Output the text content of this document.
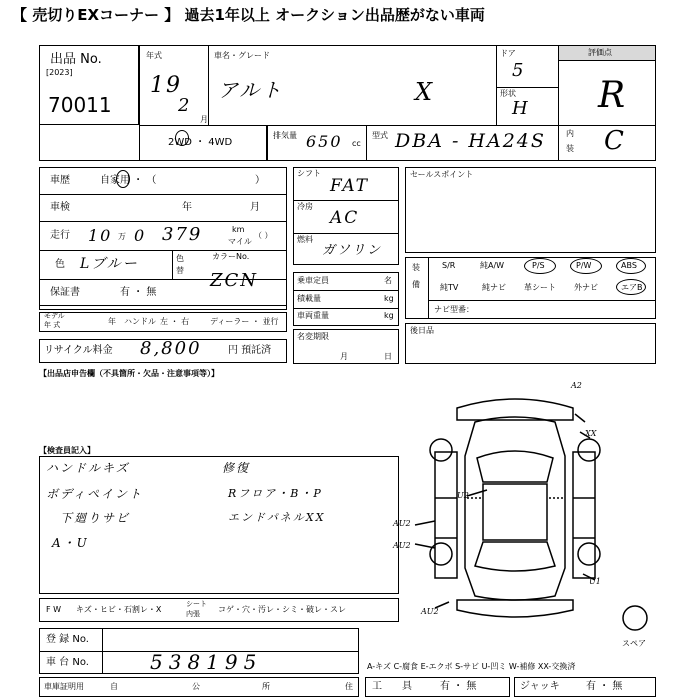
【 売切りEXコーナー 】 過去1年以上 オークション出品歴がない車両
出品 No.
[2023]
70011
年式
19
2
月
車名・グレード
アルト	X
ドア
5
形状
H
評価点
R
内
装 C
2WD ・ 4WD
排気量 650 cc
型式 DBA - HA24S
車歴	自家用 ・ （	）
車検	年	月
走行 10 万 0 379	km
マイル
（ ）
色 Lブルー	色
替
カラーNo.
ZCN
保証書	有 ・ 無
モデル
年 式	年 ハンドル 左 ・ 右	ディーラー ・ 並行
リサイクル料金 8,800	円 預託済
シフト
FAT
冷房
AC
燃料
ガソリン
乗車定員	名
積載量	kg
車両重量	kg
名変期限
月	日
セールスポイント
装
備
S/R	純A/W	P/S	P/W	ABS
純TV	純ナビ 革シート 外ナビ	エアB
ナビ型番：
後日品
【出品店申告欄（不具箇所・欠品・注意事項等）】
【検査員記入】
ハンドルキズ
ボディペイント
下廻りサビ
A・U
修復
Rフロア・B・P
エンドパネルXX
F W キズ・ヒビ・石割レ・X
シート
内張 コゲ・穴・汚レ・シミ・破レ・スレ
A2
XX
U2
AU2
AU2
U1
AU2
スペア
登 録 No.
車 台 No.	538195	A-キズ C-腐食 E-エクボ S-サビ U-凹ミ W-補修 XX-交換済
車庫証明用	自	公	所	住 工　　具	有 ・ 無	ジャッキ	有 ・ 無
